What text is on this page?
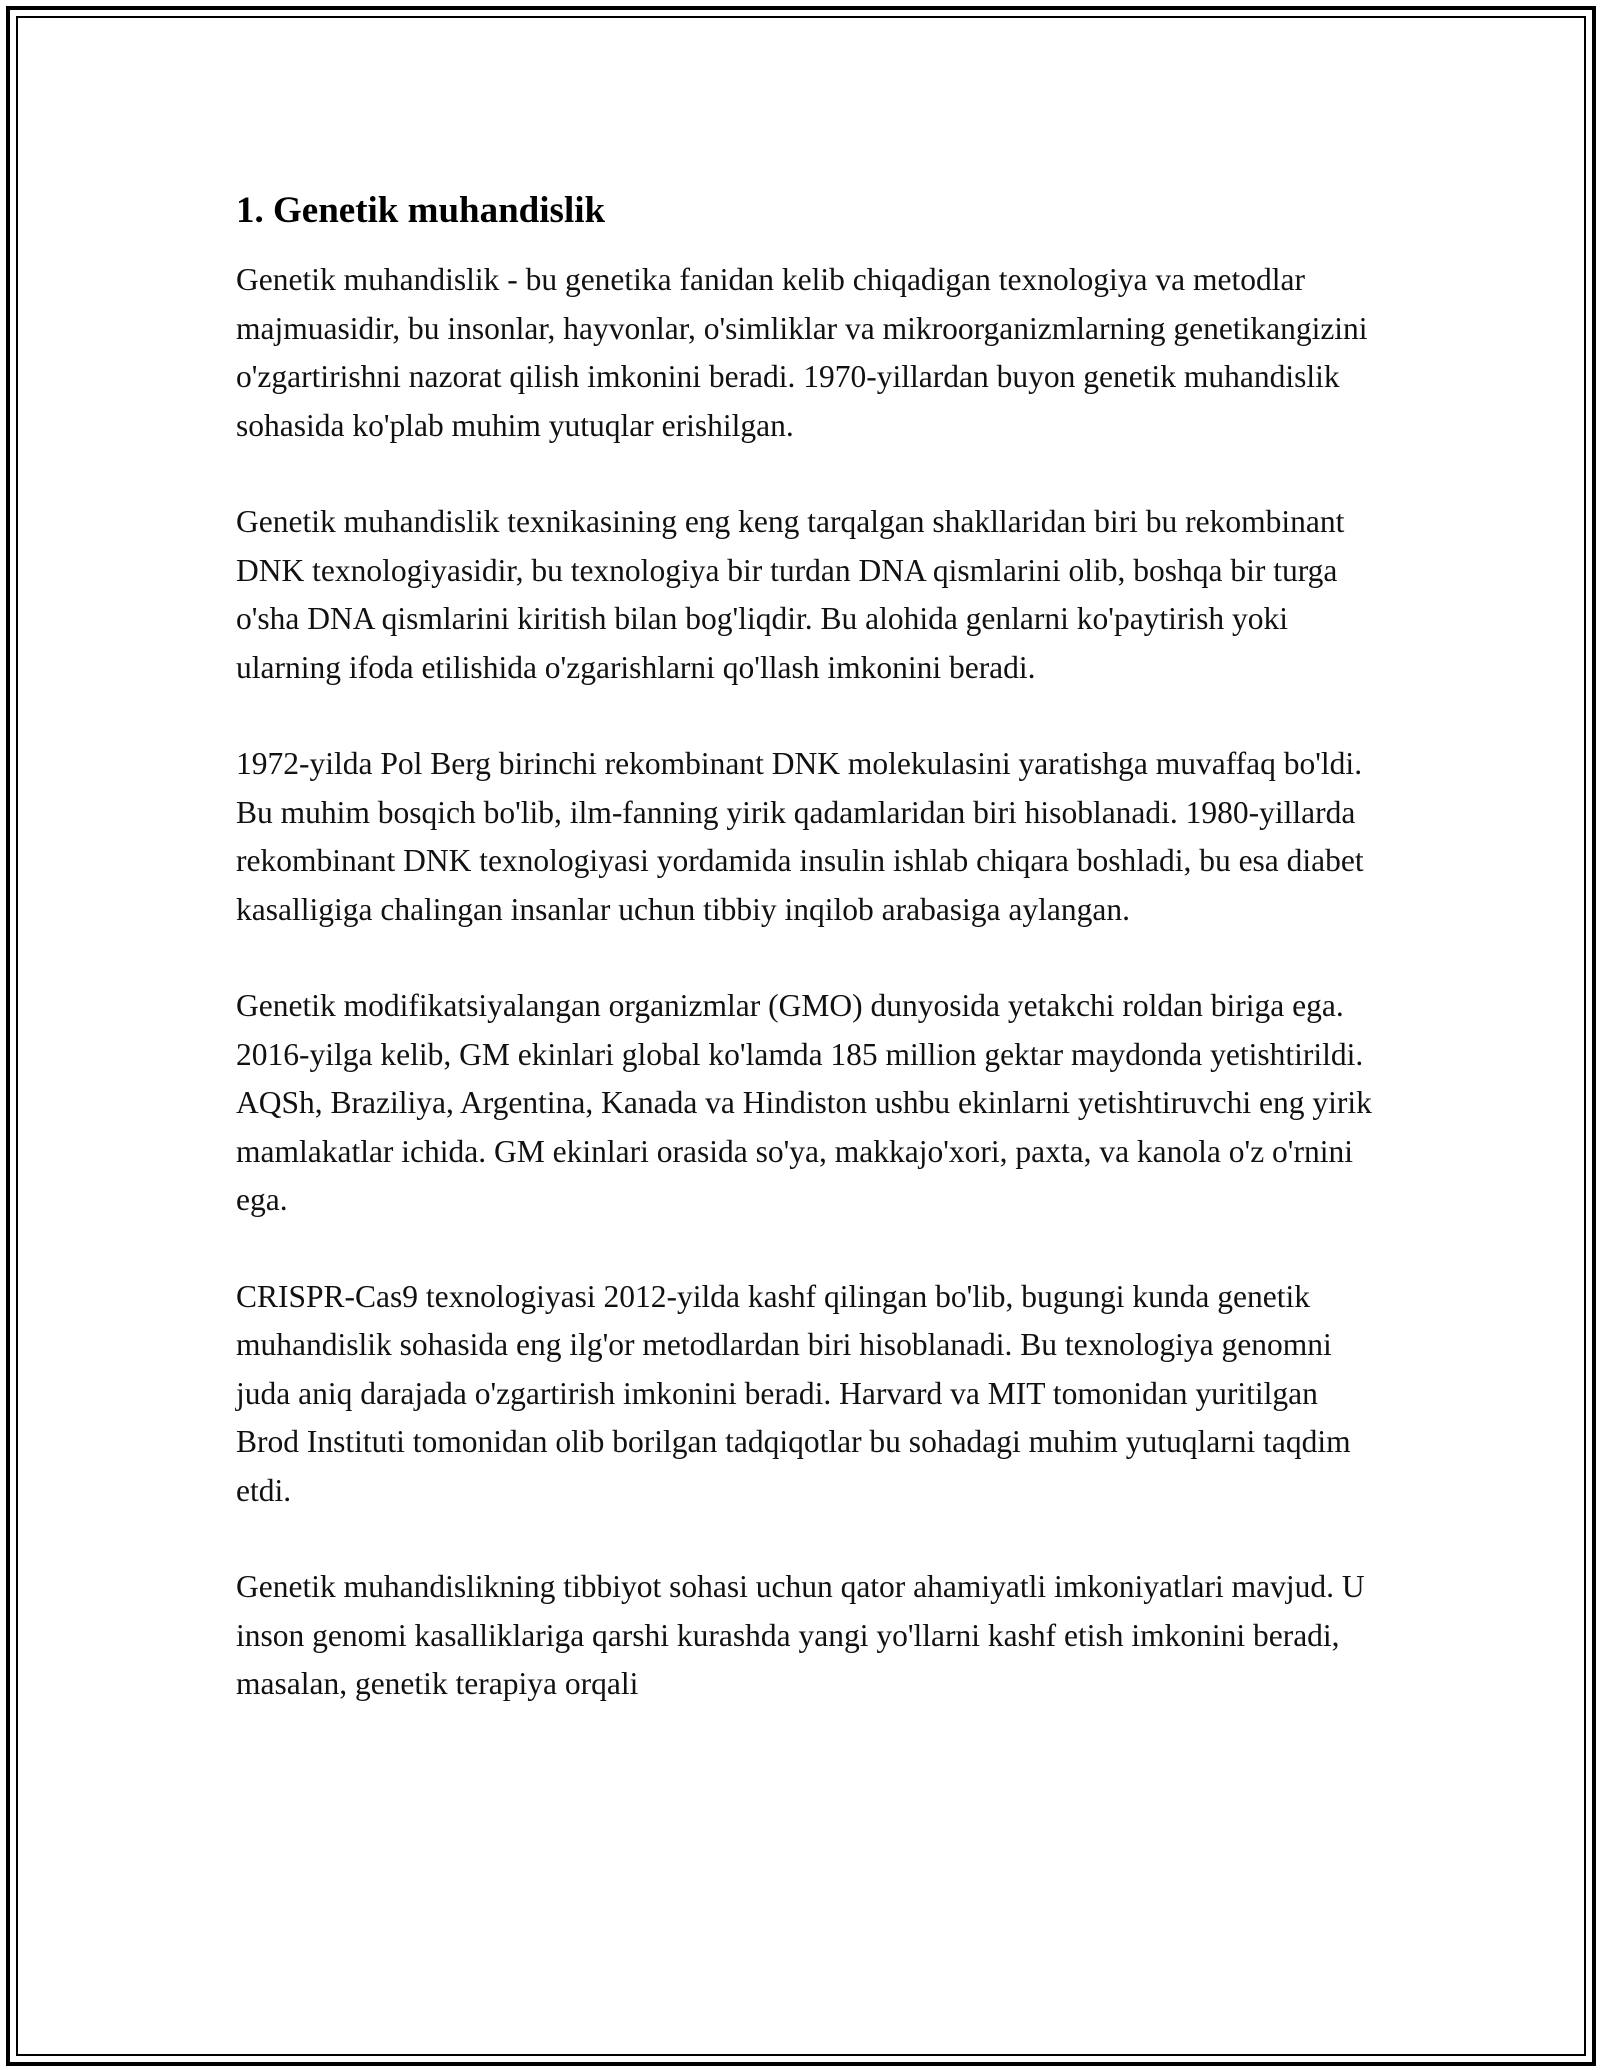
1. Genetik muhandislik

Genetik muhandislik - bu genetika fanidan kelib chiqadigan texnologiya va metodlar majmuasidir, bu insonlar, hayvonlar, o'simliklar va mikroorganizmlarning genetikangizini o'zgartirishni nazorat qilish imkonini beradi. 1970-yillardan buyon genetik muhandislik sohasida ko'plab muhim yutuqlar erishilgan.

Genetik muhandislik texnikasining eng keng tarqalgan shakllaridan biri bu rekombinant DNK texnologiyasidir, bu texnologiya bir turdan DNA qismlarini olib, boshqa bir turga o'sha DNA qismlarini kiritish bilan bog'liqdir. Bu alohida genlarni ko'paytirish yoki ularning ifoda etilishida o'zgarishlarni qo'llash imkonini beradi.

1972-yilda Pol Berg birinchi rekombinant DNK molekulasini yaratishga muvaffaq bo'ldi. Bu muhim bosqich bo'lib, ilm-fanning yirik qadamlaridan biri hisoblanadi. 1980-yillarda rekombinant DNK texnologiyasi yordamida insulin ishlab chiqara boshladi, bu esa diabet kasalligiga chalingan insanlar uchun tibbiy inqilob arabasiga aylangan.

Genetik modifikatsiyalangan organizmlar (GMO) dunyosida yetakchi roldan biriga ega. 2016-yilga kelib, GM ekinlari global ko'lamda 185 million gektar maydonda yetishtirildi. AQSh, Braziliya, Argentina, Kanada va Hindiston ushbu ekinlarni yetishtiruvchi eng yirik mamlakatlar ichida. GM ekinlari orasida so'ya, makkajo'xori, paxta, va kanola o'z o'rnini ega.

CRISPR-Cas9 texnologiyasi 2012-yilda kashf qilingan bo'lib, bugungi kunda genetik muhandislik sohasida eng ilg'or metodlardan biri hisoblanadi. Bu texnologiya genomni juda aniq darajada o'zgartirish imkonini beradi. Harvard va MIT tomonidan yuritilgan Brod Instituti tomonidan olib borilgan tadqiqotlar bu sohadagi muhim yutuqlarni taqdim etdi.

Genetik muhandislikning tibbiyot sohasi uchun qator ahamiyatli imkoniyatlari mavjud. U inson genomi kasalliklariga qarshi kurashda yangi yo'llarni kashf etish imkonini beradi, masalan, genetik terapiya orqali
